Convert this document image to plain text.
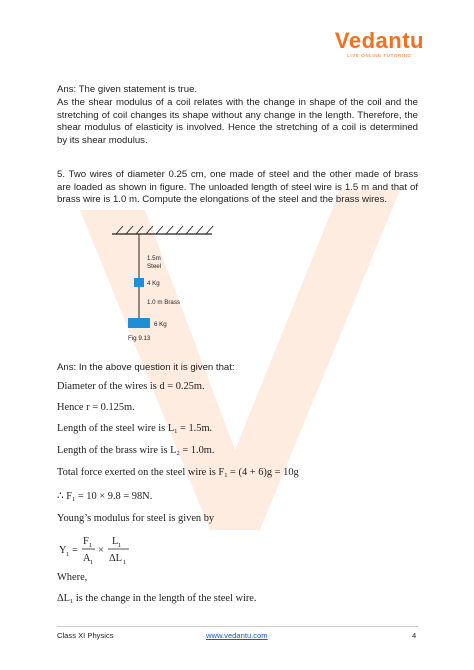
Vedantu
LIVE ONLINE TUTORING
Ans: The given statement is true.
As the shear modulus of a coil relates with the change in shape of the coil and the stretching of coil changes its shape without any change in the length. Therefore, the shear modulus of elasticity is involved. Hence the stretching of a coil is determined by its shear modulus.
5. Two wires of diameter 0.25 cm, one made of steel and the other made of brass are loaded as shown in figure. The unloaded length of steel wire is 1.5 m and that of brass wire is 1.0 m. Compute the elongations of the steel and the brass wires.
1.5m
Steel
4 Kg
1.0 m Brass
6 Kg
Fig 9.13
Ans: In the above question it is given that:
Diameter of the wires is d = 0.25m.
Hence r = 0.125m.
Length of the steel wire is $L_1 = 1.5m$.
Length of the brass wire is $L_2 = 1.0m$.
Total force exerted on the steel wire is $F_1 = (4 + 6)g = 10g$
∴ $F_1 = 10 \times 9.8 = 98N$.
Young’s modulus for steel is given by
Y 1 =
F 1
A 1
×
L 1
ΔL 1
Where,
$\Delta L_1$ is the change in the length of the steel wire.
Class XI Physics	www.vedantu.com	4
